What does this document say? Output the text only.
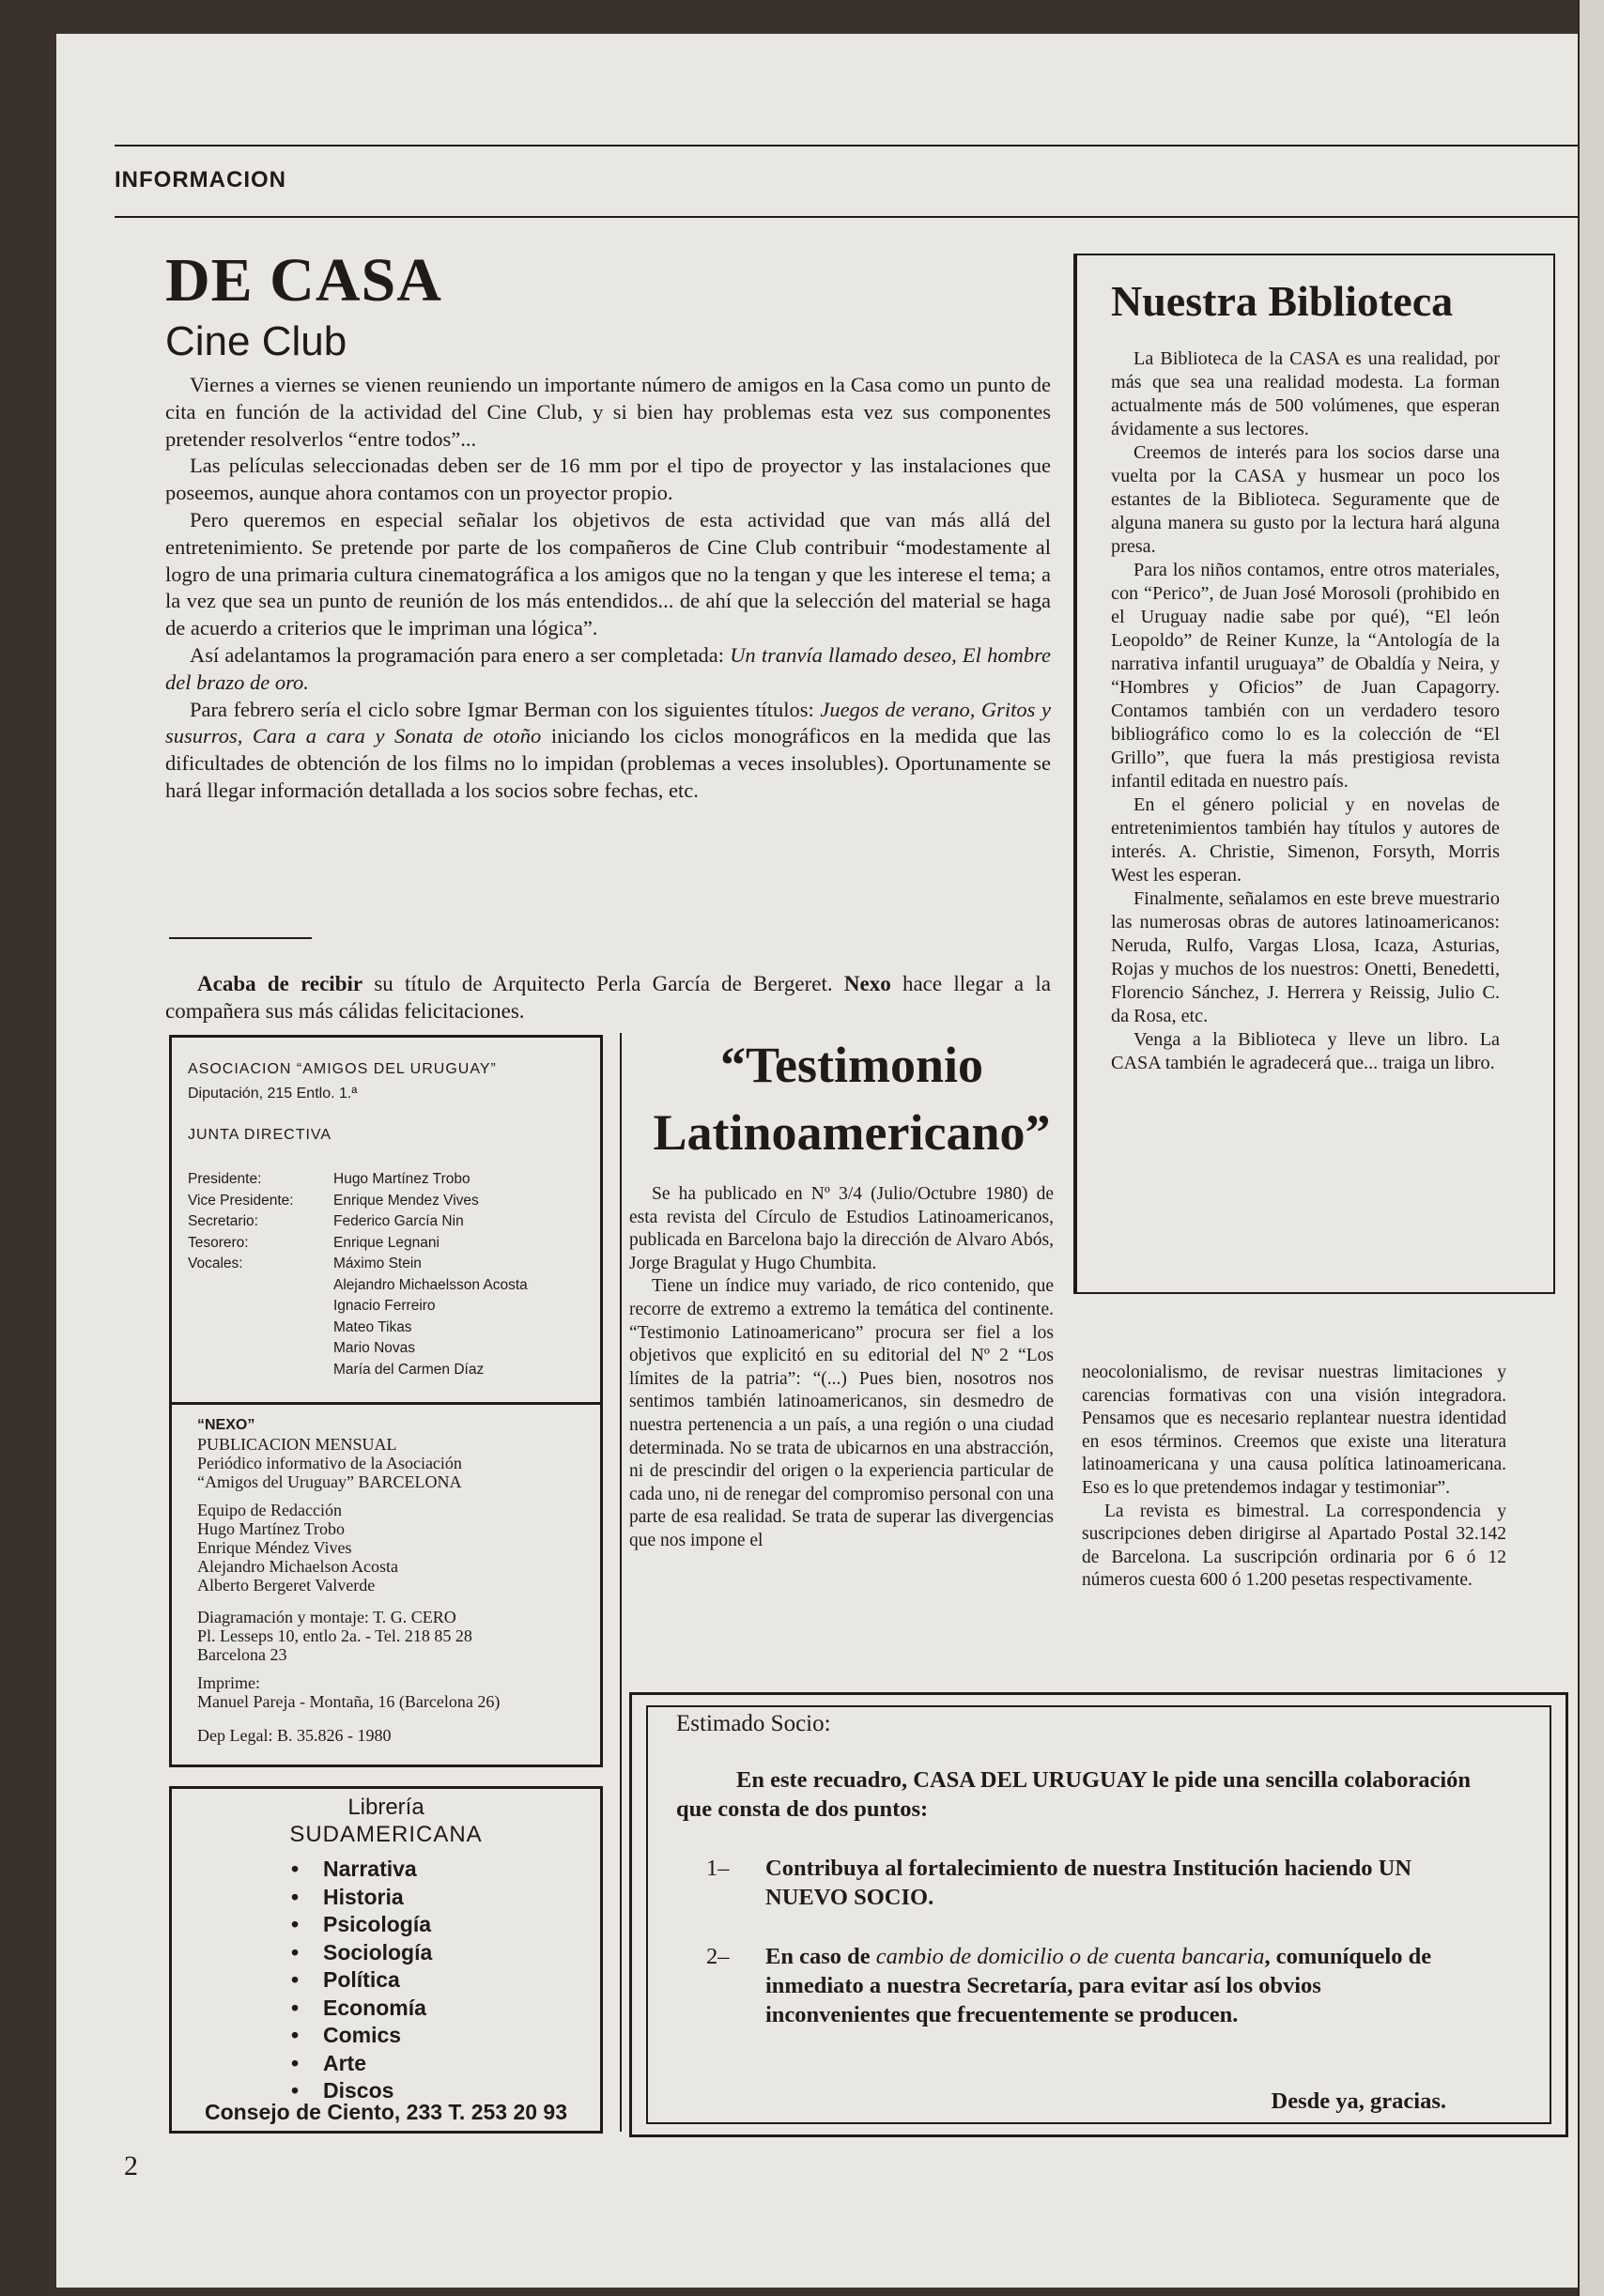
INFORMACION
DE CASA
Cine Club

Viernes a viernes se vienen reuniendo un importante número de amigos en la Casa como un punto de cita en función de la actividad del Cine Club, y si bien hay problemas esta vez sus componentes pretender resolverlos “entre todos”...

Las películas seleccionadas deben ser de 16 mm por el tipo de proyector y las instalaciones que poseemos, aunque ahora contamos con un proyector propio.

Pero queremos en especial señalar los objetivos de esta actividad que van más allá del entretenimiento. Se pretende por parte de los compañeros de Cine Club contribuir “modestamente al logro de una primaria cultura cinematográfica a los amigos que no la tengan y que les interese el tema; a la vez que sea un punto de reunión de los más entendidos... de ahí que la selección del material se haga de acuerdo a criterios que le impriman una lógica”.

Así adelantamos la programación para enero a ser completada: Un tranvía llamado deseo, El hombre del brazo de oro.

Para febrero sería el ciclo sobre Igmar Berman con los siguientes títulos: Juegos de verano, Gritos y susurros, Cara a cara y Sonata de otoño iniciando los ciclos monográficos en la medida que las dificultades de obtención de los films no lo impidan (problemas a veces insolubles). Oportunamente se hará llegar información detallada a los socios sobre fechas, etc.

Acaba de recibir su título de Arquitecto Perla García de Bergeret. Nexo hace llegar a la compañera sus más cálidas felicitaciones.

Nuestra Biblioteca

La Biblioteca de la CASA es una realidad, por más que sea una realidad modesta. La forman actualmente más de 500 volúmenes, que esperan ávidamente a sus lectores.

Creemos de interés para los socios darse una vuelta por la CASA y husmear un poco los estantes de la Biblioteca. Seguramente que de alguna manera su gusto por la lectura hará alguna presa.

Para los niños contamos, entre otros materiales, con “Perico”, de Juan José Morosoli (prohibido en el Uruguay nadie sabe por qué), “El león Leopoldo” de Reiner Kunze, la “Antología de la narrativa infantil uruguaya” de Obaldía y Neira, y “Hombres y Oficios” de Juan Capagorry. Contamos también con un verdadero tesoro bibliográfico como lo es la colección de “El Grillo”, que fuera la más prestigiosa revista infantil editada en nuestro país.

En el género policial y en novelas de entretenimientos también hay títulos y autores de interés. A. Christie, Simenon, Forsyth, Morris West les esperan.

Finalmente, señalamos en este breve muestrario las numerosas obras de autores latinoamericanos: Neruda, Rulfo, Vargas Llosa, Icaza, Asturias, Rojas y muchos de los nuestros: Onetti, Benedetti, Florencio Sánchez, J. Herrera y Reissig, Julio C. da Rosa, etc.

Venga a la Biblioteca y lleve un libro. La CASA también le agradecerá que... traiga un libro.

ASOCIACION “AMIGOS DEL URUGUAY”
Diputación, 215 Entlo. 1.ª
JUNTA DIRECTIVA
Presidente:	Hugo Martínez Trobo
Vice Presidente:	Enrique Mendez Vives
Secretario:	Federico García Nin
Tesorero:	Enrique Legnani
Vocales:	Máximo Stein
Alejandro Michaelsson Acosta
Ignacio Ferreiro
Mateo Tikas
Mario Novas
María del Carmen Díaz

“NEXO”

PUBLICACION MENSUAL

Periódico informativo de la Asociación

“Amigos del Uruguay” BARCELONA

Equipo de Redacción

Hugo Martínez Trobo

Enrique Méndez Vives

Alejandro Michaelson Acosta

Alberto Bergeret Valverde

Diagramación y montaje: T. G. CERO

Pl. Lesseps 10, entlo 2a. - Tel. 218 85 28

Barcelona 23

Imprime:

Manuel Pareja - Montaña, 16 (Barcelona 26)

Dep Legal: B. 35.826 - 1980

Librería
SUDAMERICANA
•	Narrativa
•	Historia
•	Psicología
•	Sociología
•	Política
•	Economía
•	Comics
•	Arte
•	Discos
Consejo de Ciento, 233 T. 253 20 93
“Testimonio
Latinoamericano”

Se ha publicado en Nº 3/4 (Julio/Octubre 1980) de esta revista del Círculo de Estudios Latinoamericanos, publicada en Barcelona bajo la dirección de Alvaro Abós, Jorge Bragulat y Hugo Chumbita.

Tiene un índice muy variado, de rico contenido, que recorre de extremo a extremo la temática del continente. “Testimonio Latinoamericano” procura ser fiel a los objetivos que explicitó en su editorial del Nº 2 “Los límites de la patria”: “(...) Pues bien, nosotros nos sentimos también latinoamericanos, sin desmedro de nuestra pertenencia a un país, a una región o una ciudad determinada. No se trata de ubicarnos en una abstracción, ni de prescindir del origen o la experiencia particular de cada uno, ni de renegar del compromiso personal con una parte de esa realidad. Se trata de superar las divergencias que nos impone el

neocolonialismo, de revisar nuestras limitaciones y carencias formativas con una visión integradora. Pensamos que es necesario replantear nuestra identidad en esos términos. Creemos que existe una literatura latinoamericana y una causa política latinoamericana. Eso es lo que pretendemos indagar y testimoniar”.

La revista es bimestral. La correspondencia y suscripciones deben dirigirse al Apartado Postal 32.142 de Barcelona. La suscripción ordinaria por 6 ó 12 números cuesta 600 ó 1.200 pesetas respectivamente.

Estimado Socio:
En este recuadro, CASA DEL URUGUAY le pide una sencilla colaboración que consta de dos puntos:
1– Contribuya al fortalecimiento de nuestra Institución haciendo UN NUEVO SOCIO.
2– En caso de cambio de domicilio o de cuenta bancaria, comuníquelo de inmediato a nuestra Secretaría, para evitar así los obvios inconvenientes que frecuentemente se producen.
Desde ya, gracias.
2
